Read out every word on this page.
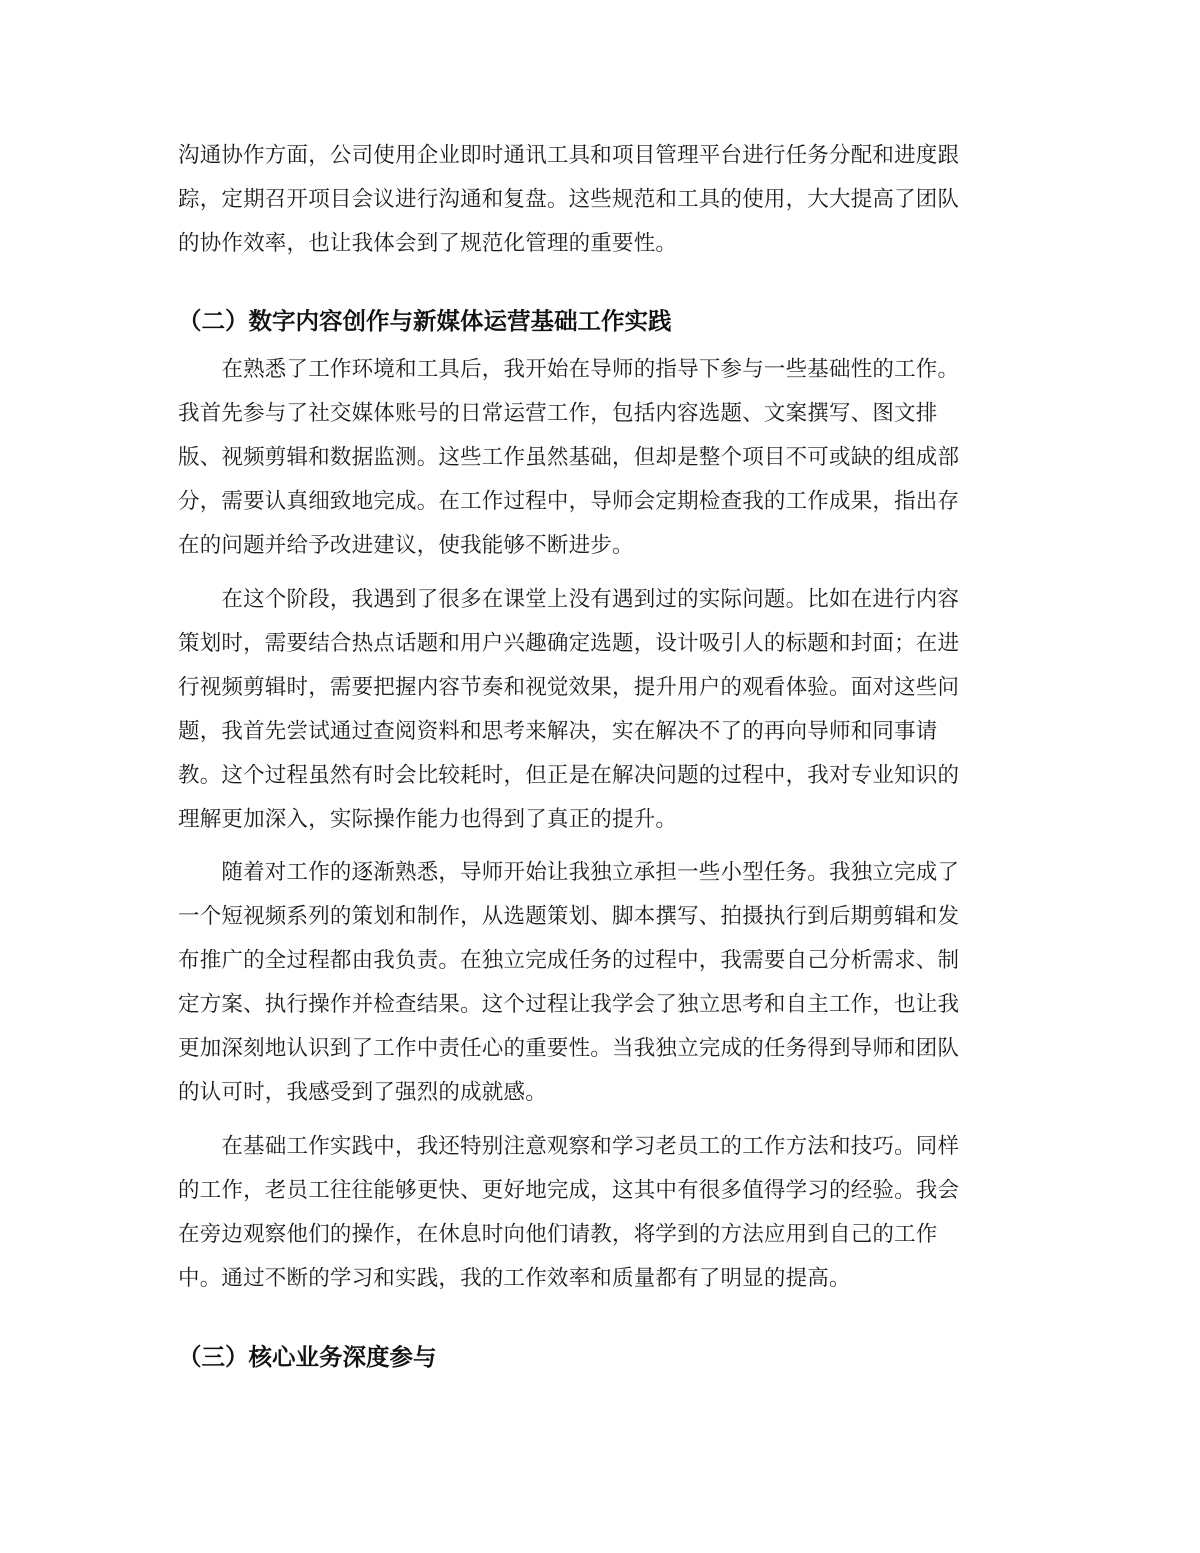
沟通协作方面，公司使用企业即时通讯工具和项目管理平台进行任务分配和进度跟
踪，定期召开项目会议进行沟通和复盘。这些规范和工具的使用，大大提高了团队
的协作效率，也让我体会到了规范化管理的重要性。
（二）数字内容创作与新媒体运营基础工作实践
　　在熟悉了工作环境和工具后，我开始在导师的指导下参与一些基础性的工作。
我首先参与了社交媒体账号的日常运营工作，包括内容选题、文案撰写、图文排
版、视频剪辑和数据监测。这些工作虽然基础，但却是整个项目不可或缺的组成部
分，需要认真细致地完成。在工作过程中，导师会定期检查我的工作成果，指出存
在的问题并给予改进建议，使我能够不断进步。
　　在这个阶段，我遇到了很多在课堂上没有遇到过的实际问题。比如在进行内容
策划时，需要结合热点话题和用户兴趣确定选题，设计吸引人的标题和封面；在进
行视频剪辑时，需要把握内容节奏和视觉效果，提升用户的观看体验。面对这些问
题，我首先尝试通过查阅资料和思考来解决，实在解决不了的再向导师和同事请
教。这个过程虽然有时会比较耗时，但正是在解决问题的过程中，我对专业知识的
理解更加深入，实际操作能力也得到了真正的提升。
　　随着对工作的逐渐熟悉，导师开始让我独立承担一些小型任务。我独立完成了
一个短视频系列的策划和制作，从选题策划、脚本撰写、拍摄执行到后期剪辑和发
布推广的全过程都由我负责。在独立完成任务的过程中，我需要自己分析需求、制
定方案、执行操作并检查结果。这个过程让我学会了独立思考和自主工作，也让我
更加深刻地认识到了工作中责任心的重要性。当我独立完成的任务得到导师和团队
的认可时，我感受到了强烈的成就感。
　　在基础工作实践中，我还特别注意观察和学习老员工的工作方法和技巧。同样
的工作，老员工往往能够更快、更好地完成，这其中有很多值得学习的经验。我会
在旁边观察他们的操作，在休息时向他们请教，将学到的方法应用到自己的工作
中。通过不断的学习和实践，我的工作效率和质量都有了明显的提高。
（三）核心业务深度参与
